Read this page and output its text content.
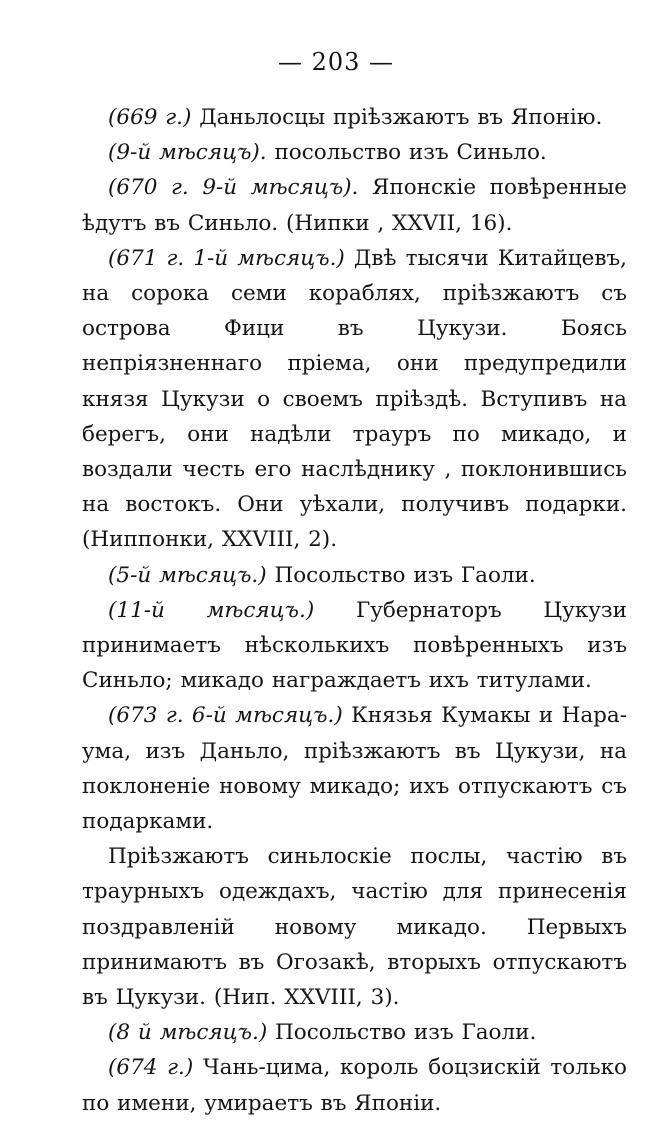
— 203 —

(669 г.) Даньлосцы пріѣзжаютъ въ Японію.

(9-й мѣсяцъ). посольство изъ Синьло.

(670 г. 9-й мѣсяцъ). Японскіе повѣренные ѣдутъ въ Синьло. (Нипки , XXVII, 16).

(671 г. 1-й мѣсяцъ.) Двѣ тысячи Китайцевъ, на сорока семи кораблях, пріѣзжаютъ съ острова Фици въ Цукузи. Боясь непріязненнаго пріема, они предупредили князя Цукузи о своемъ пріѣздѣ. Вступивъ на берегъ, они надѣли трауръ по микадо, и воздали честь его наслѣднику , поклонившись на востокъ. Они уѣхали, получивъ подарки. (Ниппонки, XXVIII, 2).

(5-й мѣсяцъ.) Посольство изъ Гаоли.

(11-й мѣсяцъ.) Губернаторъ Цукузи принимаетъ нѣсколькихъ повѣренныхъ изъ Синьло; микадо награждаетъ ихъ титулами.

(673 г. 6-й мѣсяцъ.) Князья Кумакы и Нара-ума, изъ Даньло, пріѣзжаютъ въ Цукузи, на поклоненіе новому микадо; ихъ отпускаютъ съ подарками.

Пріѣзжаютъ синьлоскіе послы, частію въ траурныхъ одеждахъ, частію для принесенія поздравленій новому микадо. Первыхъ принимаютъ въ Огозакѣ, вторыхъ отпускаютъ въ Цукузи. (Нип. XXVIII, 3).

(8 й мѣсяцъ.) Посольство изъ Гаоли.

(674 г.) Чань-цима, король боцзискій только по имени, умираетъ въ Японіи.
